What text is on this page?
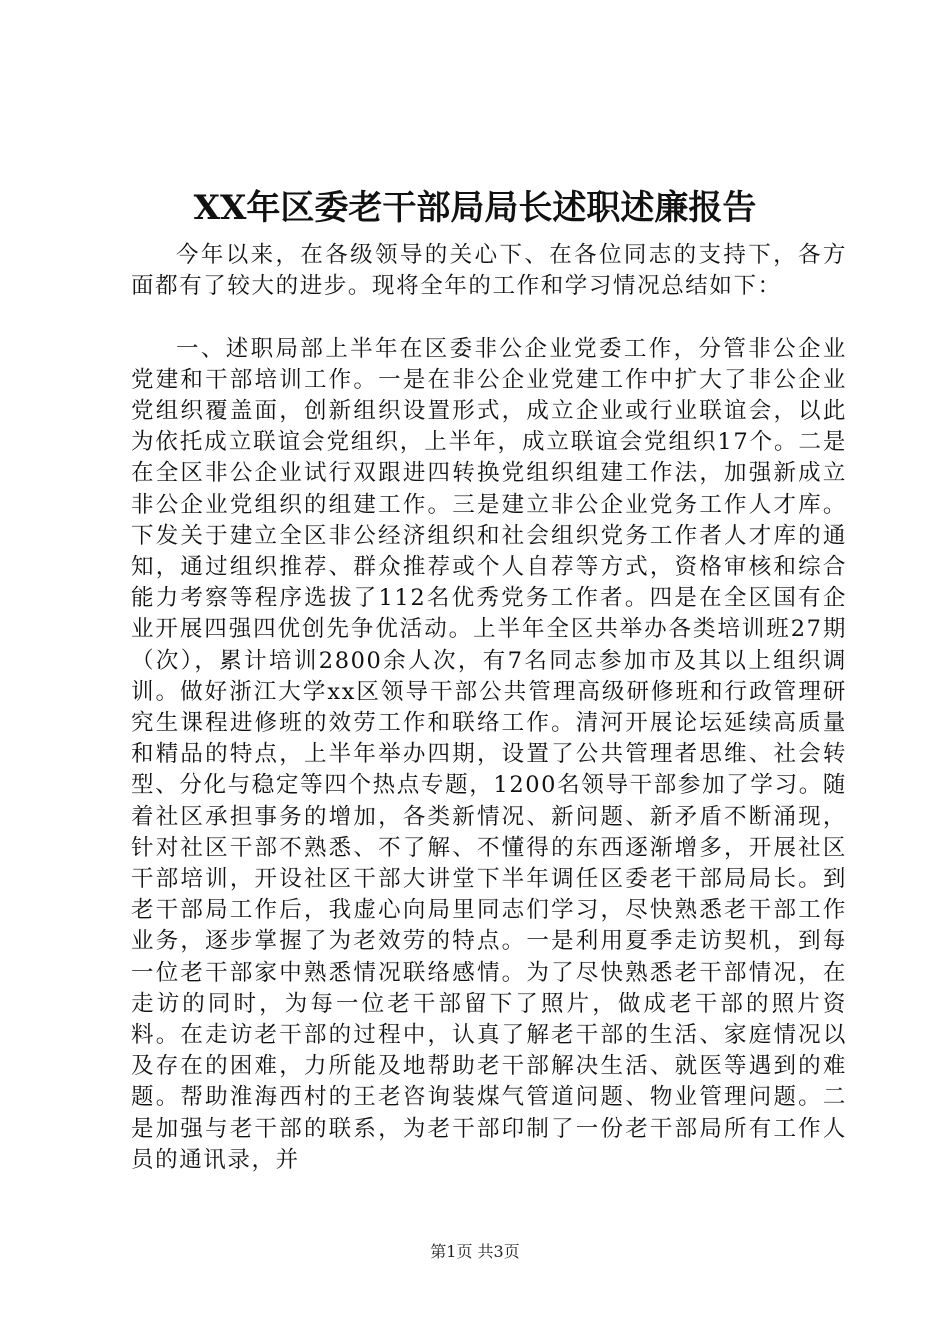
XX年区委老干部局局长述职述廉报告

今年以来，在各级领导的关心下、在各位同志的支持下，各方面都有了较大的进步。现将全年的工作和学习情况总结如下：

一、述职局部上半年在区委非公企业党委工作，分管非公企业党建和干部培训工作。一是在非公企业党建工作中扩大了非公企业党组织覆盖面，创新组织设置形式，成立企业或行业联谊会，以此为依托成立联谊会党组织，上半年，成立联谊会党组织17个。二是在全区非公企业试行双跟进四转换党组织组建工作法，加强新成立非公企业党组织的组建工作。三是建立非公企业党务工作人才库。下发关于建立全区非公经济组织和社会组织党务工作者人才库的通知，通过组织推荐、群众推荐或个人自荐等方式，资格审核和综合能力考察等程序选拔了112名优秀党务工作者。四是在全区国有企业开展四强四优创先争优活动。上半年全区共举办各类培训班27期（次），累计培训2800余人次，有7名同志参加市及其以上组织调训。做好浙江大学xx区领导干部公共管理高级研修班和行政管理研究生课程进修班的效劳工作和联络工作。清河开展论坛延续高质量和精品的特点，上半年举办四期，设置了公共管理者思维、社会转型、分化与稳定等四个热点专题，1200名领导干部参加了学习。随着社区承担事务的增加，各类新情况、新问题、新矛盾不断涌现，针对社区干部不熟悉、不了解、不懂得的东西逐渐增多，开展社区干部培训，开设社区干部大讲堂下半年调任区委老干部局局长。到老干部局工作后，我虚心向局里同志们学习，尽快熟悉老干部工作业务，逐步掌握了为老效劳的特点。一是利用夏季走访契机，到每一位老干部家中熟悉情况联络感情。为了尽快熟悉老干部情况，在走访的同时，为每一位老干部留下了照片，做成老干部的照片资料。在走访老干部的过程中，认真了解老干部的生活、家庭情况以及存在的困难，力所能及地帮助老干部解决生活、就医等遇到的难题。帮助淮海西村的王老咨询装煤气管道问题、物业管理问题。二是加强与老干部的联系，为老干部印制了一份老干部局所有工作人员的通讯录，并

第1页 共3页
